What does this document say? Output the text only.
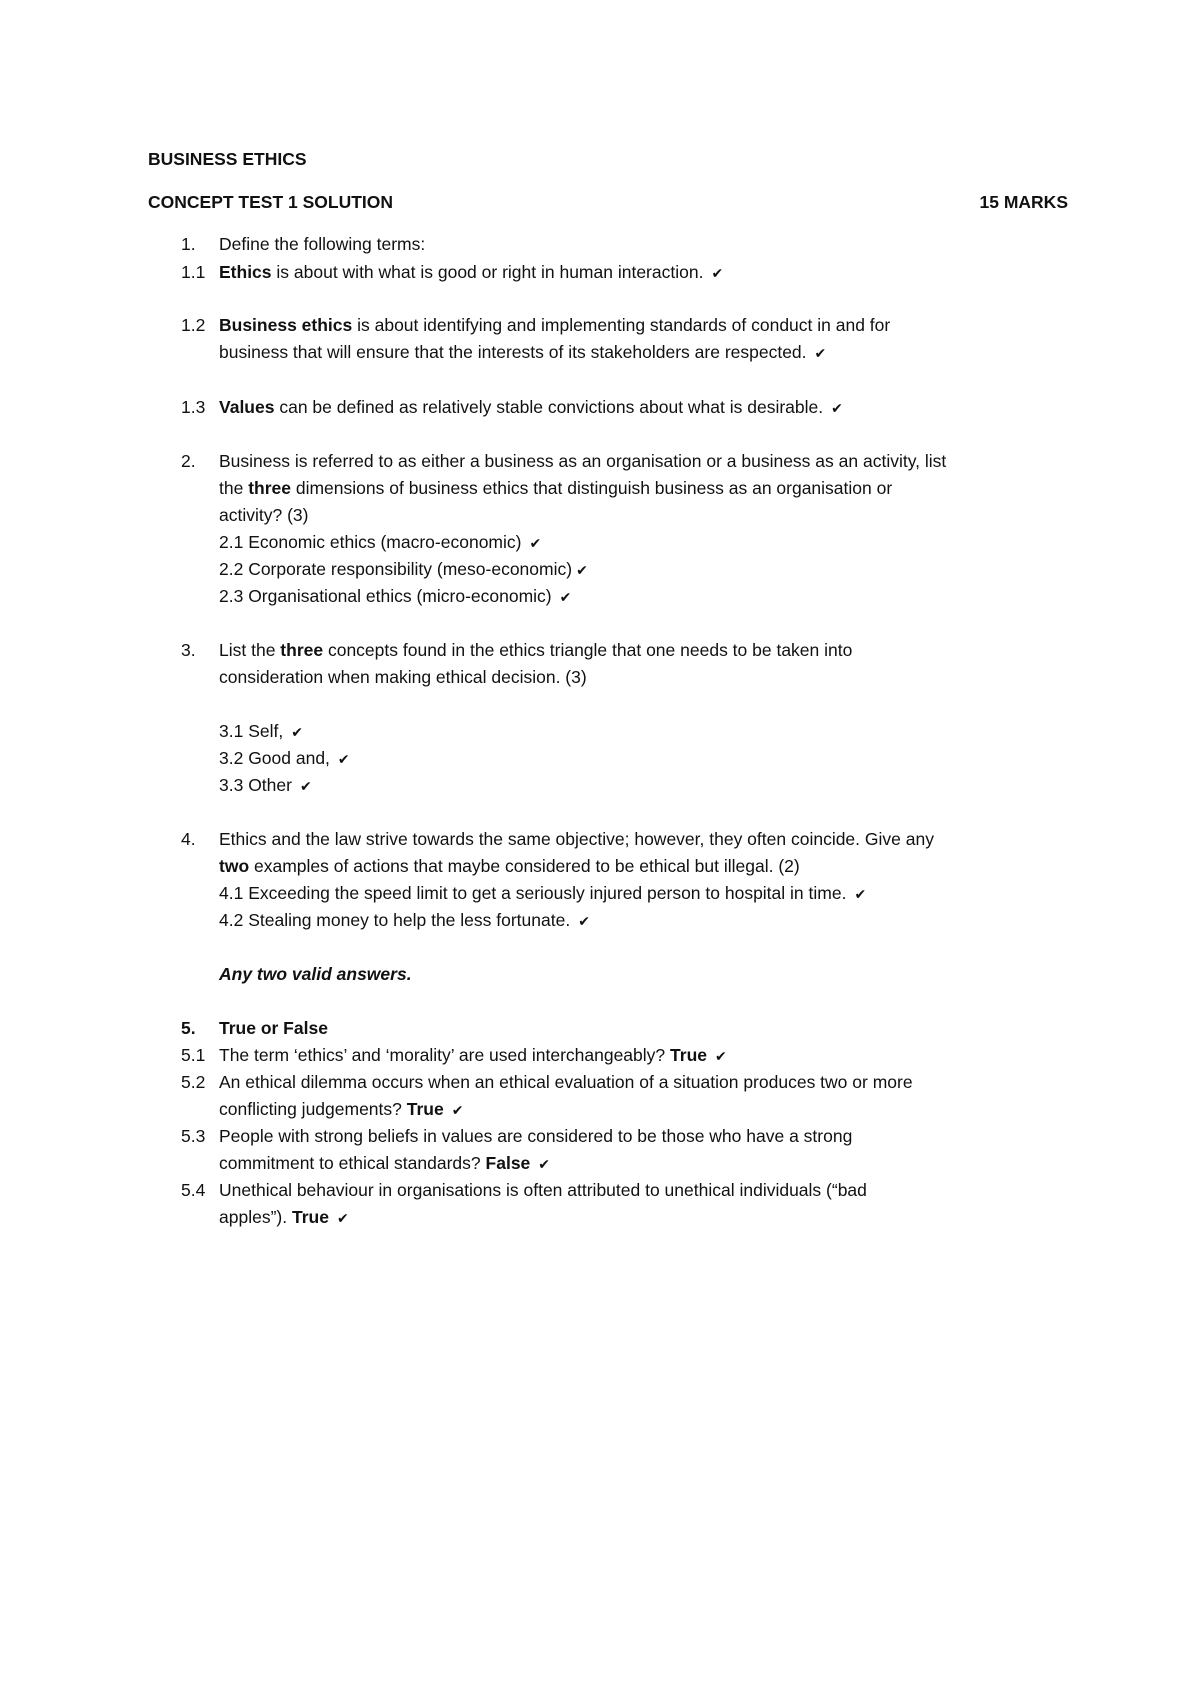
BUSINESS ETHICS
CONCEPT TEST 1 SOLUTION	15 MARKS
1. Define the following terms:
1.1 Ethics is about with what is good or right in human interaction. ✔
1.2 Business ethics is about identifying and implementing standards of conduct in and for
business that will ensure that the interests of its stakeholders are respected. ✔
1.3 Values can be defined as relatively stable convictions about what is desirable. ✔
2. Business is referred to as either a business as an organisation or a business as an activity, list
the three dimensions of business ethics that distinguish business as an organisation or
activity? (3)
2.1 Economic ethics (macro-economic) ✔
2.2 Corporate responsibility (meso-economic) ✔
2.3 Organisational ethics (micro-economic) ✔
3. List the three concepts found in the ethics triangle that one needs to be taken into
consideration when making ethical decision. (3)
3.1 Self, ✔
3.2 Good and, ✔
3.3 Other ✔
4. Ethics and the law strive towards the same objective; however, they often coincide. Give any
two examples of actions that maybe considered to be ethical but illegal. (2)
4.1 Exceeding the speed limit to get a seriously injured person to hospital in time. ✔
4.2 Stealing money to help the less fortunate. ✔
Any two valid answers.
5. True or False
5.1 The term ‘ethics’ and ‘morality’ are used interchangeably? True ✔
5.2 An ethical dilemma occurs when an ethical evaluation of a situation produces two or more
conflicting judgements? True ✔
5.3 People with strong beliefs in values are considered to be those who have a strong
commitment to ethical standards? False ✔
5.4 Unethical behaviour in organisations is often attributed to unethical individuals (“bad
apples”). True ✔
